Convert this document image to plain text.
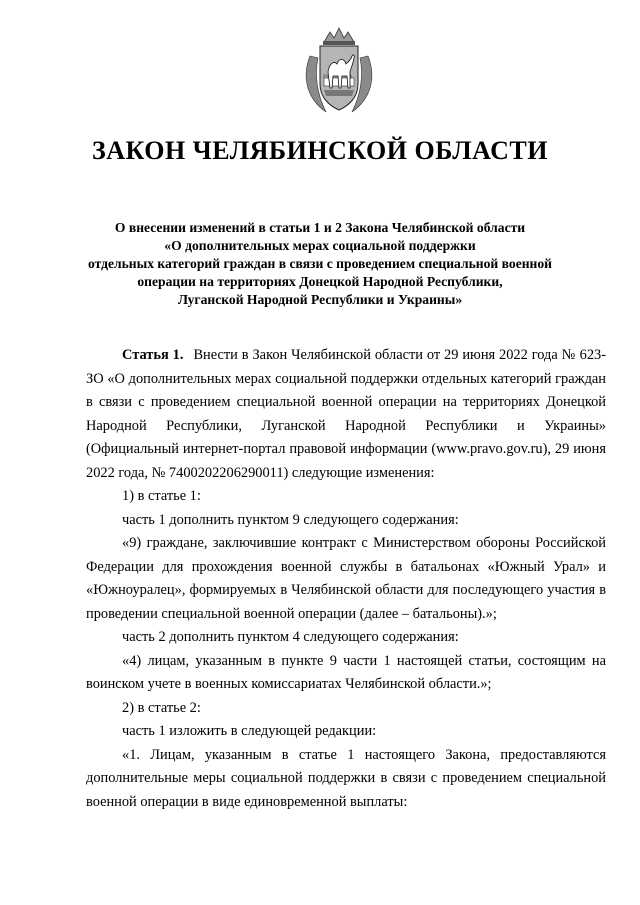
ЗАКОН ЧЕЛЯБИНСКОЙ ОБЛАСТИ
О внесении изменений в статьи 1 и 2 Закона Челябинской области
«О дополнительных мерах социальной поддержки
отдельных категорий граждан в связи с проведением специальной военной
операции на территориях Донецкой Народной Республики,
Луганской Народной Республики и Украины»

Статья 1. Внести в Закон Челябинской области от 29 июня 2022 года № 623-ЗО «О дополнительных мерах социальной поддержки отдельных категорий граждан в связи с проведением специальной военной операции на территориях Донецкой Народной Республики, Луганской Народной Республики и Украины» (Официальный интернет-портал правовой информации (www.pravo.gov.ru), 29 июня 2022 года, № 7400202206290011) следующие изменения:

1) в статье 1:

часть 1 дополнить пунктом 9 следующего содержания:

«9) граждане, заключившие контракт с Министерством обороны Российской Федерации для прохождения военной службы в батальонах «Южный Урал» и «Южноуралец», формируемых в Челябинской области для последующего участия в проведении специальной военной операции (далее – батальоны).»;

часть 2 дополнить пунктом 4 следующего содержания:

«4) лицам, указанным в пункте 9 части 1 настоящей статьи, состоящим на воинском учете в военных комиссариатах Челябинской области.»;

2) в статье 2:

часть 1 изложить в следующей редакции:

«1. Лицам, указанным в статье 1 настоящего Закона, предоставляются дополнительные меры социальной поддержки в связи с проведением специальной военной операции в виде единовременной выплаты:
